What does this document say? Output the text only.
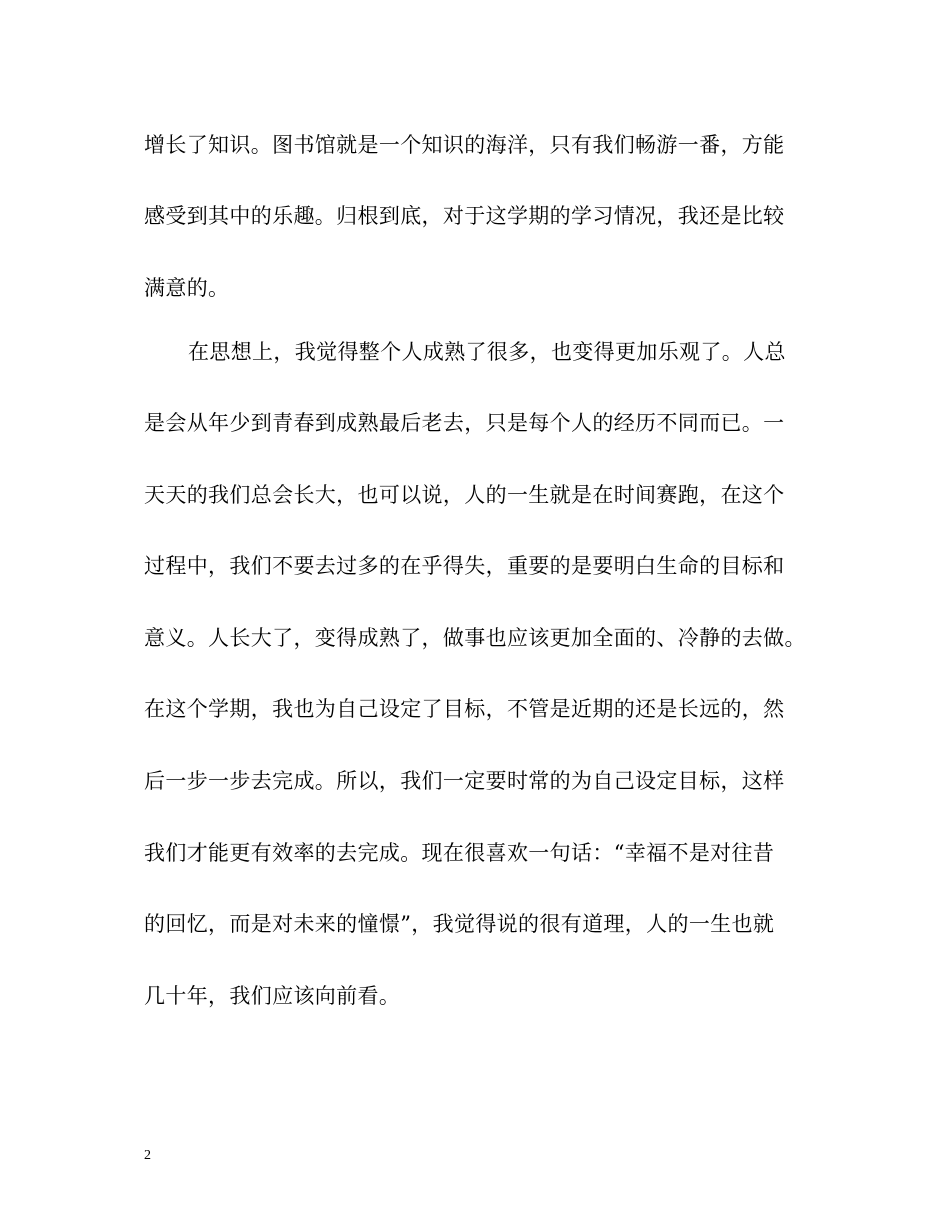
增长了知识。图书馆就是一个知识的海洋，只有我们畅游一番，方能
感受到其中的乐趣。归根到底，对于这学期的学习情况，我还是比较
满意的。
在思想上，我觉得整个人成熟了很多，也变得更加乐观了。人总
是会从年少到青春到成熟最后老去，只是每个人的经历不同而已。一
天天的我们总会长大，也可以说，人的一生就是在时间赛跑，在这个
过程中，我们不要去过多的在乎得失，重要的是要明白生命的目标和
意义。人长大了，变得成熟了，做事也应该更加全面的、冷静的去做。
在这个学期，我也为自己设定了目标，不管是近期的还是长远的，然
后一步一步去完成。所以，我们一定要时常的为自己设定目标，这样
我们才能更有效率的去完成。现在很喜欢一句话：“幸福不是对往昔
的回忆，而是对未来的憧憬”，我觉得说的很有道理，人的一生也就
几十年，我们应该向前看。
2
